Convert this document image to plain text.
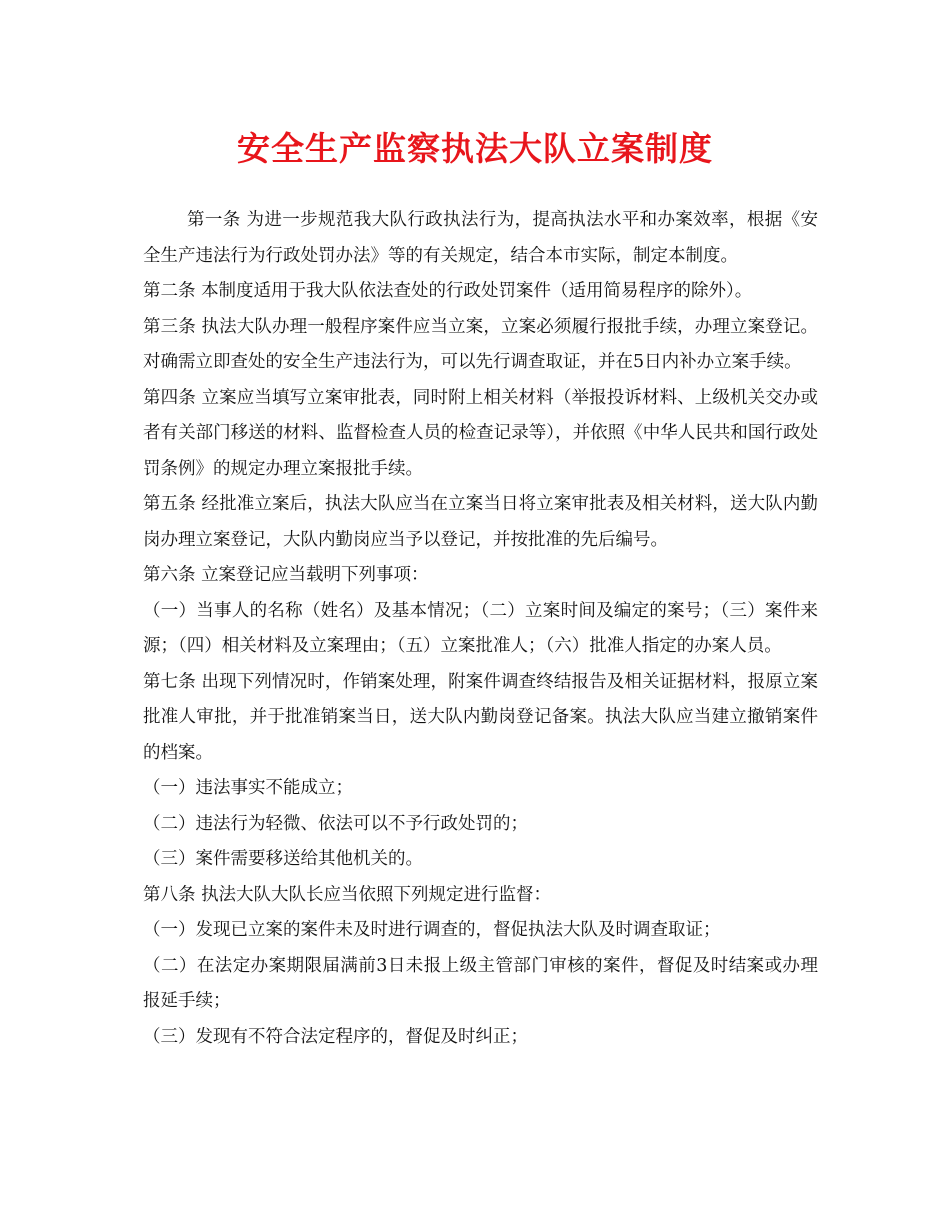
安全生产监察执法大队立案制度

第一条 为进一步规范我大队行政执法行为，提高执法水平和办案效率，根据《安全生产违法行为行政处罚办法》等的有关规定，结合本市实际，制定本制度。

第二条 本制度适用于我大队依法查处的行政处罚案件（适用简易程序的除外）。

第三条 执法大队办理一般程序案件应当立案，立案必须履行报批手续，办理立案登记。对确需立即查处的安全生产违法行为，可以先行调查取证，并在5日内补办立案手续。

第四条 立案应当填写立案审批表，同时附上相关材料（举报投诉材料、上级机关交办或者有关部门移送的材料、监督检查人员的检查记录等），并依照《中华人民共和国行政处罚条例》的规定办理立案报批手续。

第五条 经批准立案后，执法大队应当在立案当日将立案审批表及相关材料，送大队内勤岗办理立案登记，大队内勤岗应当予以登记，并按批准的先后编号。

第六条 立案登记应当载明下列事项：

（一）当事人的名称（姓名）及基本情况；（二）立案时间及编定的案号；（三）案件来源；（四）相关材料及立案理由；（五）立案批准人；（六）批准人指定的办案人员。

第七条 出现下列情况时，作销案处理，附案件调查终结报告及相关证据材料，报原立案批准人审批，并于批准销案当日，送大队内勤岗登记备案。执法大队应当建立撤销案件的档案。

（一）违法事实不能成立；

（二）违法行为轻微、依法可以不予行政处罚的；

（三）案件需要移送给其他机关的。

第八条 执法大队大队长应当依照下列规定进行监督：

（一）发现已立案的案件未及时进行调查的，督促执法大队及时调查取证；

（二）在法定办案期限届满前3日未报上级主管部门审核的案件，督促及时结案或办理报延手续；

（三）发现有不符合法定程序的，督促及时纠正；
